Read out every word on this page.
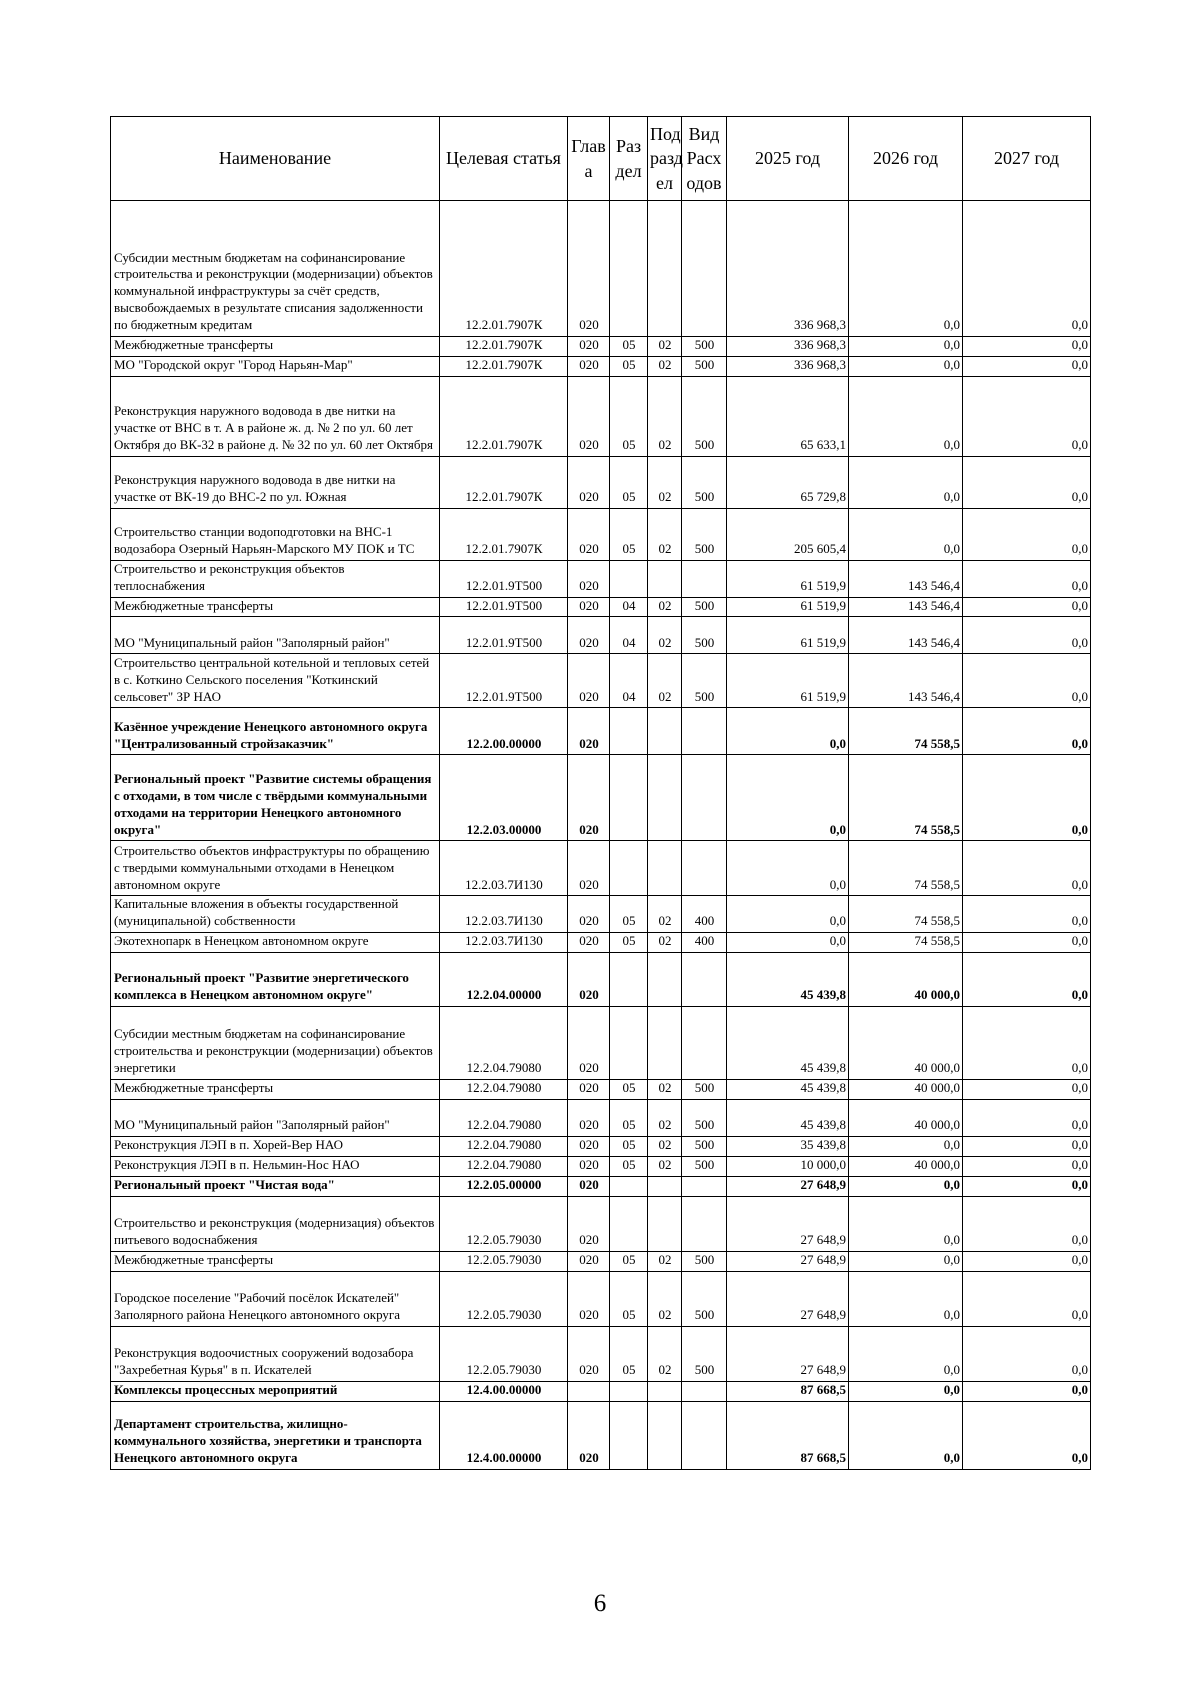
Наименование	Целевая статья	Глав а	Раз дел	Под разд ел	Вид Расх одов	2025 год	2026 год	2027 год
Субсидии местным бюджетам на софинансирование строительства и реконструкции (модернизации) объектов коммунальной инфраструктуры за счёт средств, высвобождаемых в результате списания задолженности по бюджетным кредитам	12.2.01.7907К	020				336 968,3	0,0	0,0
Межбюджетные трансферты	12.2.01.7907К	020	05	02	500	336 968,3	0,0	0,0
МО "Городской округ "Город Нарьян-Мар"	12.2.01.7907К	020	05	02	500	336 968,3	0,0	0,0
Реконструкция наружного водовода в две нитки на участке от ВНС в т. А в районе ж. д. № 2 по ул. 60 лет Октября до ВК-32 в районе д. № 32 по ул. 60 лет Октября	12.2.01.7907К	020	05	02	500	65 633,1	0,0	0,0
Реконструкция наружного водовода в две нитки на участке от ВК-19 до ВНС-2 по ул. Южная	12.2.01.7907К	020	05	02	500	65 729,8	0,0	0,0
Строительство станции водоподготовки на ВНС-1 водозабора Озерный Нарьян-Марского МУ ПОК и ТС	12.2.01.7907К	020	05	02	500	205 605,4	0,0	0,0
Строительство и реконструкция объектов теплоснабжения	12.2.01.9Т500	020				61 519,9	143 546,4	0,0
Межбюджетные трансферты	12.2.01.9Т500	020	04	02	500	61 519,9	143 546,4	0,0
МО "Муниципальный район "Заполярный район"	12.2.01.9Т500	020	04	02	500	61 519,9	143 546,4	0,0
Строительство центральной котельной и тепловых сетей в с. Коткино Сельского поселения "Коткинский сельсовет" ЗР НАО	12.2.01.9Т500	020	04	02	500	61 519,9	143 546,4	0,0
Казённое учреждение Ненецкого автономного округа "Централизованный стройзаказчик"	12.2.00.00000	020				0,0	74 558,5	0,0
Региональный проект "Развитие системы обращения с отходами, в том числе с твёрдыми коммунальными отходами на территории Ненецкого автономного округа"	12.2.03.00000	020				0,0	74 558,5	0,0
Строительство объектов инфраструктуры по обращению с твердыми коммунальными отходами в Ненецком автономном округе	12.2.03.7И130	020				0,0	74 558,5	0,0
Капитальные вложения в объекты государственной (муниципальной) собственности	12.2.03.7И130	020	05	02	400	0,0	74 558,5	0,0
Экотехнопарк в Ненецком автономном округе	12.2.03.7И130	020	05	02	400	0,0	74 558,5	0,0
Региональный проект "Развитие энергетического комплекса в Ненецком автономном округе"	12.2.04.00000	020				45 439,8	40 000,0	0,0
Субсидии местным бюджетам на софинансирование строительства и реконструкции (модернизации) объектов энергетики	12.2.04.79080	020				45 439,8	40 000,0	0,0
Межбюджетные трансферты	12.2.04.79080	020	05	02	500	45 439,8	40 000,0	0,0
МО "Муниципальный район "Заполярный район"	12.2.04.79080	020	05	02	500	45 439,8	40 000,0	0,0
Реконструкция ЛЭП в п. Хорей-Вер НАО	12.2.04.79080	020	05	02	500	35 439,8	0,0	0,0
Реконструкция ЛЭП в п. Нельмин-Нос НАО	12.2.04.79080	020	05	02	500	10 000,0	40 000,0	0,0
Региональный проект "Чистая вода"	12.2.05.00000	020				27 648,9	0,0	0,0
Строительство и реконструкция (модернизация) объектов питьевого водоснабжения	12.2.05.79030	020				27 648,9	0,0	0,0
Межбюджетные трансферты	12.2.05.79030	020	05	02	500	27 648,9	0,0	0,0
Городское поселение "Рабочий посёлок Искателей" Заполярного района Ненецкого автономного округа	12.2.05.79030	020	05	02	500	27 648,9	0,0	0,0
Реконструкция водоочистных сооружений водозабора "Захребетная Курья" в п. Искателей	12.2.05.79030	020	05	02	500	27 648,9	0,0	0,0
Комплексы процессных мероприятий	12.4.00.00000					87 668,5	0,0	0,0
Департамент строительства, жилищно-коммунального хозяйства, энергетики и транспорта Ненецкого автономного округа	12.4.00.00000	020				87 668,5	0,0	0,0
6
